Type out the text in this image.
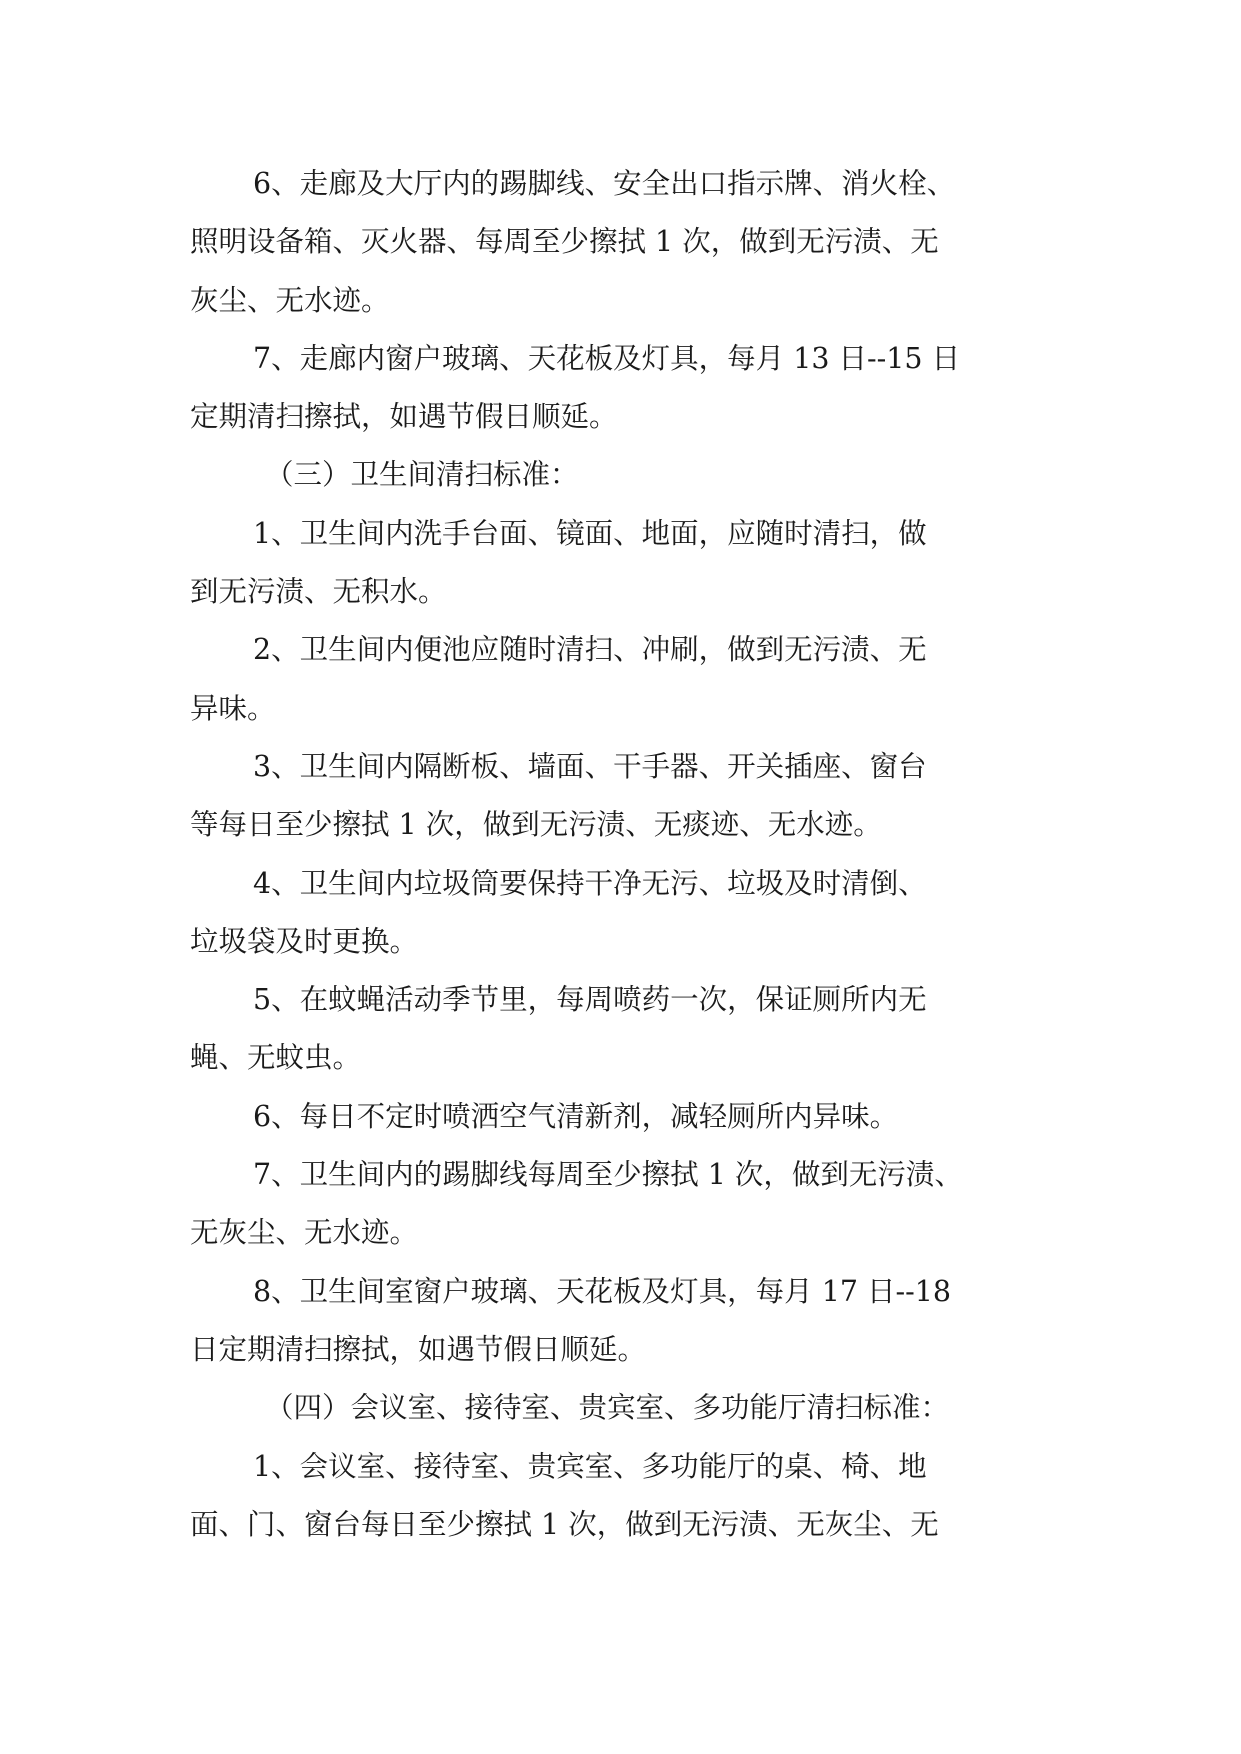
6、走廊及大厅内的踢脚线、安全出口指示牌、消火栓、
照明设备箱、灭火器、每周至少擦拭 1 次，做到无污渍、无
灰尘、无水迹。
7、走廊内窗户玻璃、天花板及灯具，每月 13 日--15 日
定期清扫擦拭，如遇节假日顺延。
（三）卫生间清扫标准：
1、卫生间内洗手台面、镜面、地面，应随时清扫，做
到无污渍、无积水。
2、卫生间内便池应随时清扫、冲刷，做到无污渍、无
异味。
3、卫生间内隔断板、墙面、干手器、开关插座、窗台
等每日至少擦拭 1 次，做到无污渍、无痰迹、无水迹。
4、卫生间内垃圾筒要保持干净无污、垃圾及时清倒、
垃圾袋及时更换。
5、在蚊蝇活动季节里，每周喷药一次，保证厕所内无
蝇、无蚊虫。
6、每日不定时喷洒空气清新剂，减轻厕所内异味。
7、卫生间内的踢脚线每周至少擦拭 1 次，做到无污渍、
无灰尘、无水迹。
8、卫生间室窗户玻璃、天花板及灯具，每月 17 日--18
日定期清扫擦拭，如遇节假日顺延。
（四）会议室、接待室、贵宾室、多功能厅清扫标准：
1、会议室、接待室、贵宾室、多功能厅的桌、椅、地
面、门、窗台每日至少擦拭 1 次，做到无污渍、无灰尘、无
